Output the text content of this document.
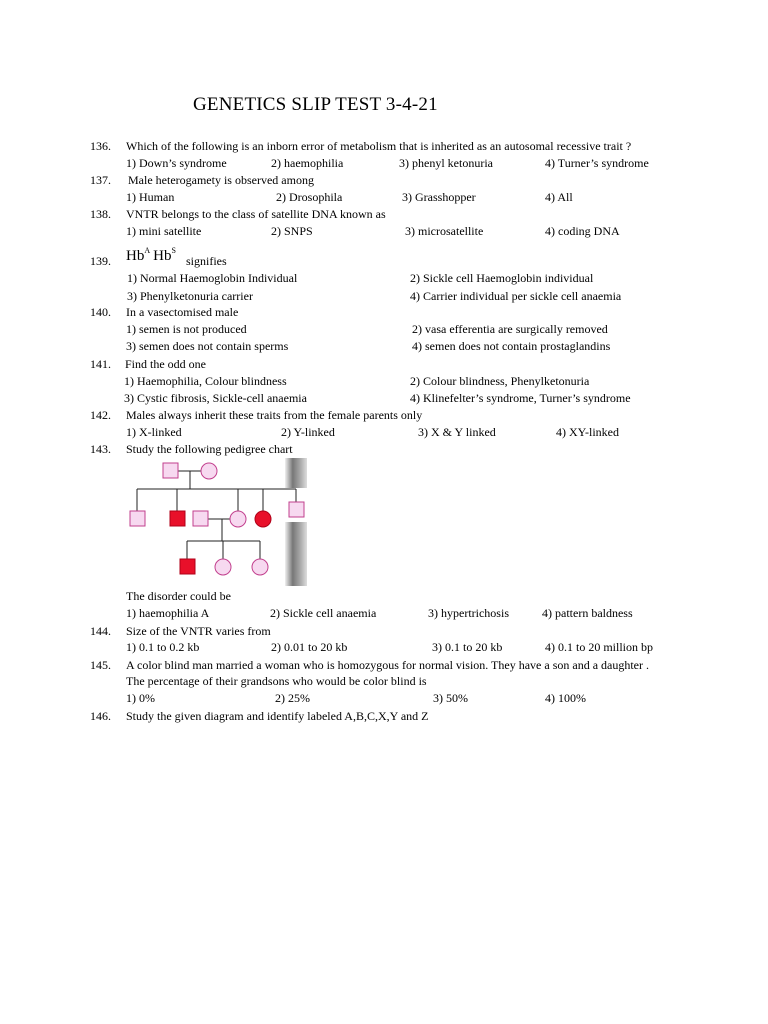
GENETICS SLIP TEST 3-4-21
136. Which of the following is an inborn error of metabolism that is inherited as an autosomal recessive trait ?
1) Down’s syndrome	2) haemophilia	3) phenyl ketonuria	4) Turner’s syndrome
137. Male heterogamety is observed among
1) Human	2) Drosophila	3) Grasshopper	4) All
138. VNTR belongs to the class of satellite DNA known as
1) mini satellite	2) SNPS	3) microsatellite	4) coding DNA
139. $Hb^A$ $Hb^S$
signifies
1) Normal Haemoglobin Individual	2) Sickle cell Haemoglobin individual
3) Phenylketonuria carrier	4) Carrier individual per sickle cell anaemia
140. In a vasectomised male
1) semen is not produced	2) vasa efferentia are surgically removed
3) semen does not contain sperms	4) semen does not contain prostaglandins
141. Find the odd one
1) Haemophilia, Colour blindness	2) Colour blindness, Phenylketonuria
3) Cystic fibrosis, Sickle-cell anaemia	4) Klinefelter’s syndrome, Turner’s syndrome
142. Males always inherit these traits from the female parents only
1) X-linked	2) Y-linked	3) X & Y linked	4) XY-linked
143. Study the following pedigree chart
The disorder could be
1) haemophilia A	2) Sickle cell anaemia	3) hypertrichosis	4) pattern baldness
144. Size of the VNTR varies from
1) 0.1 to 0.2 kb	2) 0.01 to 20 kb	3) 0.1 to 20 kb	4) 0.1 to 20 million bp
145. A color blind man married a woman who is homozygous for normal vision. They have a son and a daughter .
The percentage of their grandsons who would be color blind is
1) 0%	2) 25%	3) 50%	4) 100%
146. Study the given diagram and identify labeled A,B,C,X,Y and Z
